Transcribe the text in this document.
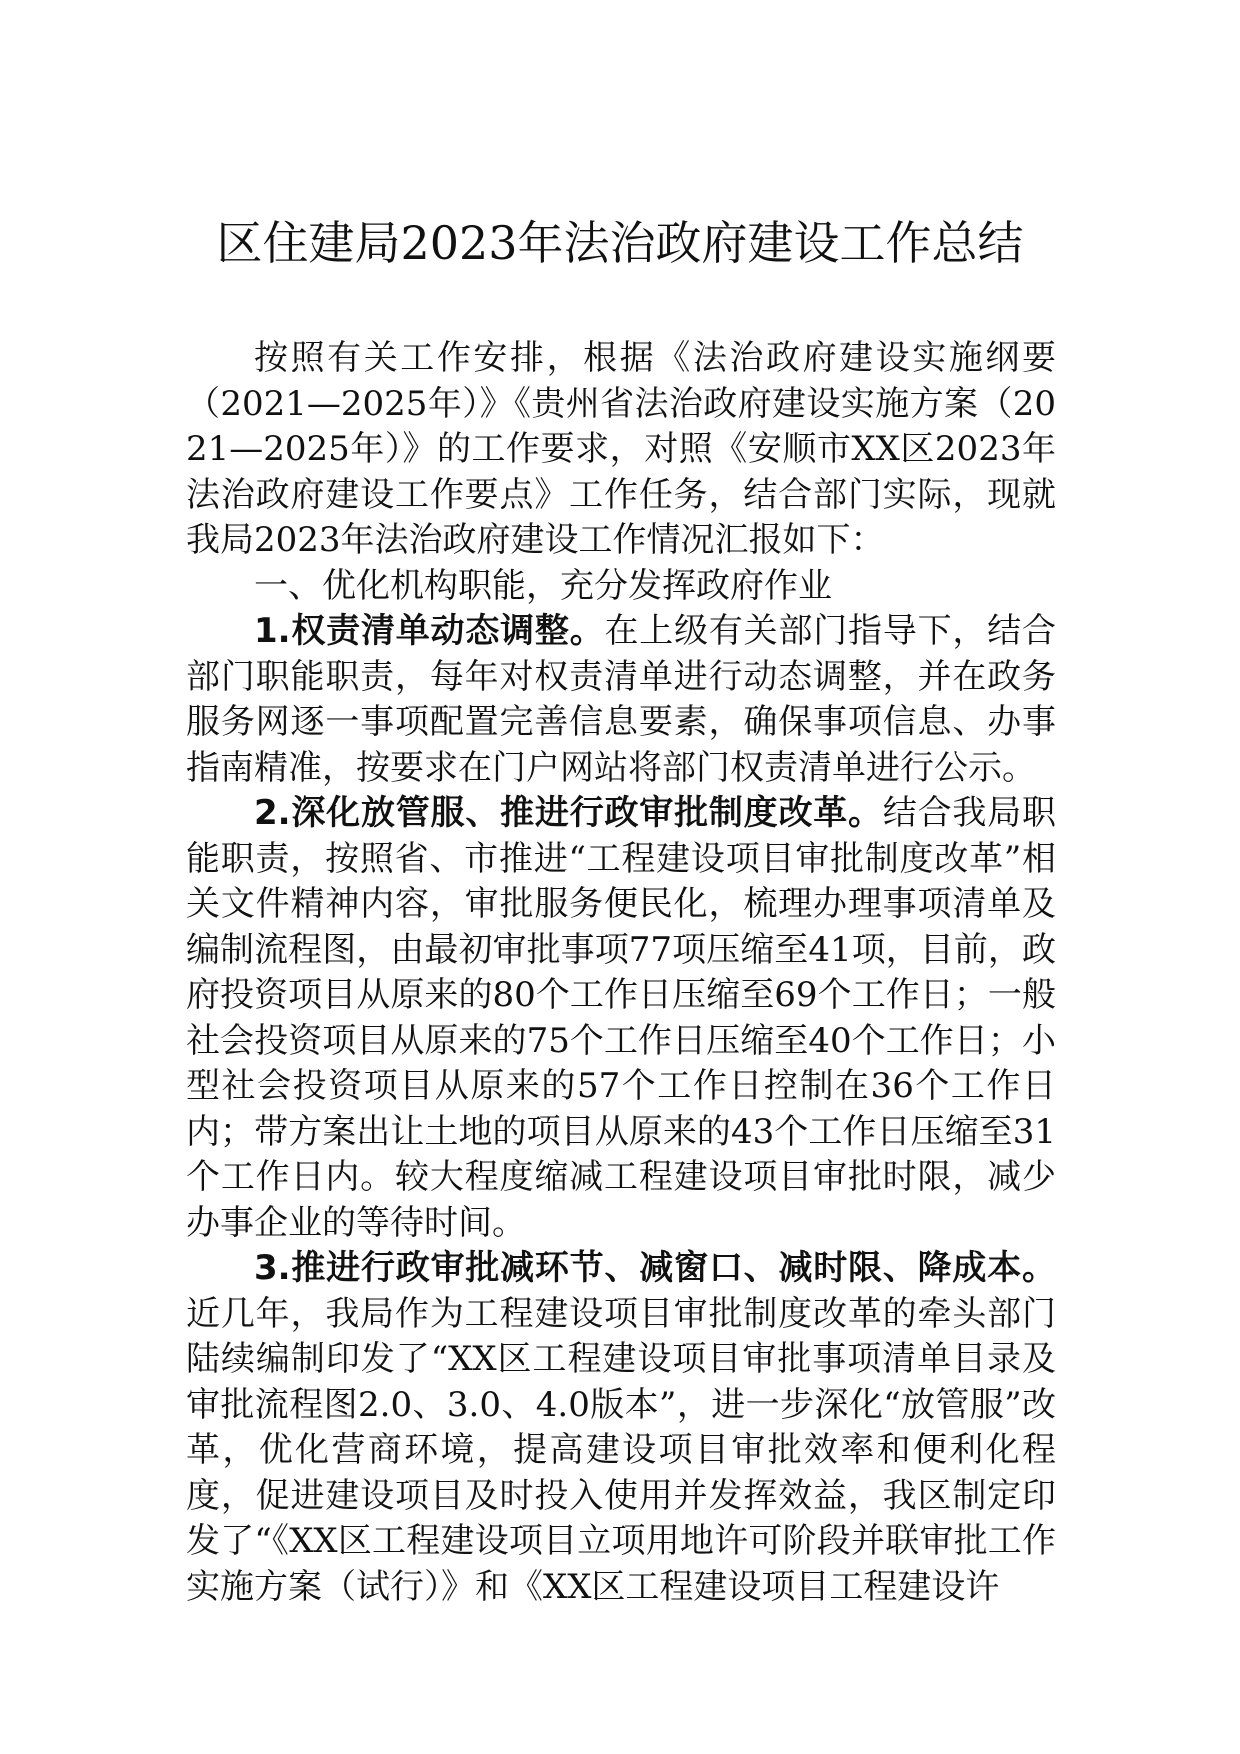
区住建局2023年法治政府建设工作总结

按照有关工作安排，根据《法治政府建设实施纲要（2021—2025年）》《贵州省法治政府建设实施方案（2021—2025年）》的工作要求，对照《安顺市XX区2023年法治政府建设工作要点》工作任务，结合部门实际，现就我局2023年法治政府建设工作情况汇报如下：

一、优化机构职能，充分发挥政府作业

1.权责清单动态调整。在上级有关部门指导下，结合部门职能职责，每年对权责清单进行动态调整，并在政务服务网逐一事项配置完善信息要素，确保事项信息、办事指南精准，按要求在门户网站将部门权责清单进行公示。

2.深化放管服、推进行政审批制度改革。结合我局职能职责，按照省、市推进“工程建设项目审批制度改革”相关文件精神内容，审批服务便民化，梳理办理事项清单及编制流程图，由最初审批事项77项压缩至41项，目前，政府投资项目从原来的80个工作日压缩至69个工作日；一般社会投资项目从原来的75个工作日压缩至40个工作日；小型社会投资项目从原来的57个工作日控制在36个工作日内；带方案出让土地的项目从原来的43个工作日压缩至31个工作日内。较大程度缩减工程建设项目审批时限，减少办事企业的等待时间。

3.推进行政审批减环节、减窗口、减时限、降成本。近几年，我局作为工程建设项目审批制度改革的牵头部门陆续编制印发了“XX区工程建设项目审批事项清单目录及审批流程图2.0、3.0、4.0版本”，进一步深化“放管服”改革，优化营商环境，提高建设项目审批效率和便利化程度，促进建设项目及时投入使用并发挥效益，我区制定印发了“《XX区工程建设项目立项用地许可阶段并联审批工作实施方案（试行）》和《XX区工程建设项目工程建设许
